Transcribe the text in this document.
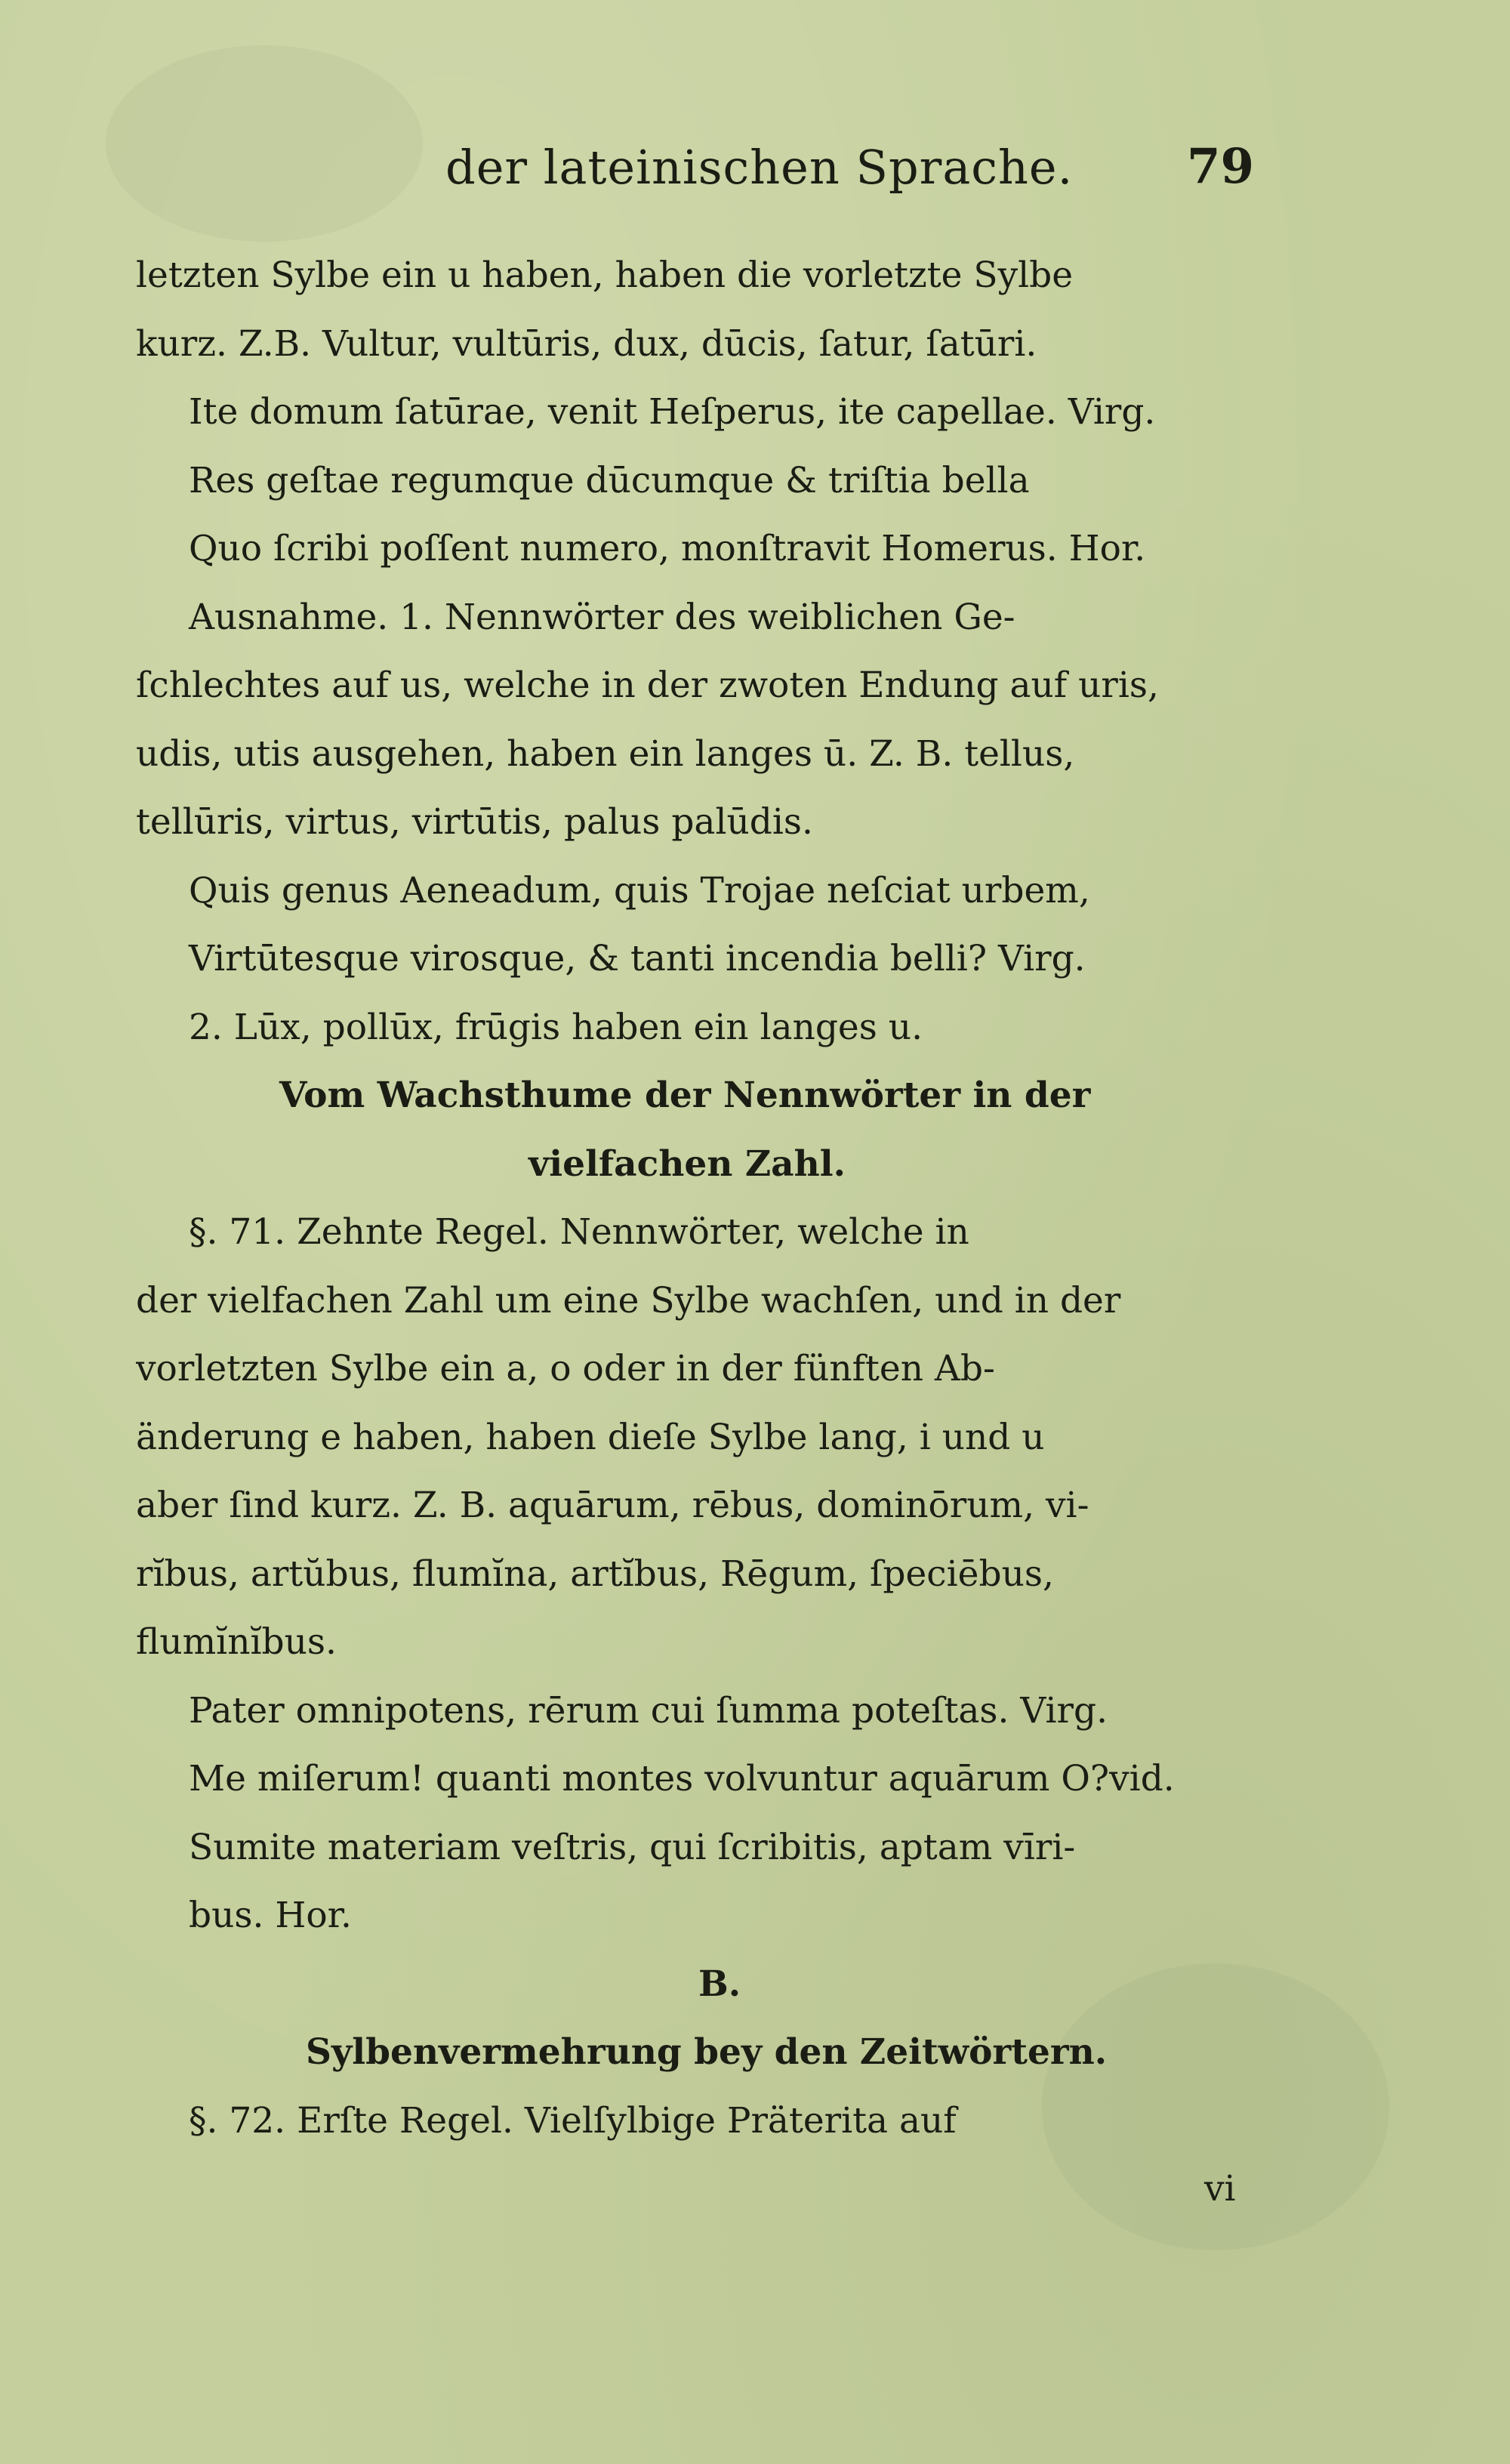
der lateinischen Sprache. 79
letzten Sylbe ein u haben, haben die vorletzte Sylbe
kurz. Z.B. Vultur, vultūris, dux, dūcis, ſatur, ſatūri.
Ite domum ſatūrae, venit Heſperus, ite capellae. Virg.
Res geſtae regumque dūcumque & triſtia bella
Quo ſcribi poſſent numero, monſtravit Homerus. Hor.
Ausnahme. 1. Nennwörter des weiblichen Ge-
ſchlechtes auf us, welche in der zwoten Endung auf uris,
udis, utis ausgehen, haben ein langes ū. Z. B. tellus,
tellūris, virtus, virtūtis, palus palūdis.
Quis genus Aeneadum, quis Trojae neſciat urbem,
Virtūtesque virosque, & tanti incendia belli? Virg.
2. Lūx, pollūx, frūgis haben ein langes u.
Vom Wachsthume der Nennwörter in der
vielfachen Zahl.
§. 71. Zehnte Regel. Nennwörter, welche in
der vielfachen Zahl um eine Sylbe wachſen, und in der
vorletzten Sylbe ein a, o oder in der fünften Ab-
änderung e haben, haben dieſe Sylbe lang, i und u
aber ſind kurz. Z. B. aquārum, rēbus, dominōrum, vi-
rĭbus, artŭbus, flumĭna, artĭbus, Rēgum, ſpeciēbus,
flumĭnĭbus.
Pater omnipotens, rērum cui ſumma poteſtas. Virg.
Me miſerum! quanti montes volvuntur aquārum O?vid.
Sumite materiam veſtris, qui ſcribitis, aptam vīri-
bus. Hor.
B.
Sylbenvermehrung bey den Zeitwörtern.
§. 72. Erſte Regel. Vielſylbige Präterita auf
vi
